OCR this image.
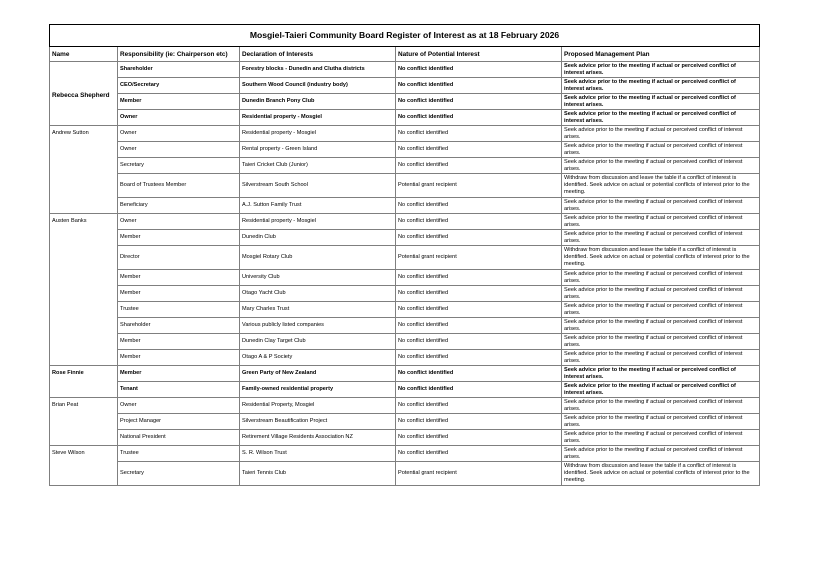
Mosgiel-Taieri Community Board Register of Interest as at 18 February 2026				
Name	Responsibility (ie: Chairperson etc)	Declaration of Interests	Nature of Potential Interest	Proposed Management Plan
Rebecca Shepherd	Shareholder	Forestry blocks - Dunedin and Clutha districts	No conflict identified	Seek advice prior to the meeting if actual or perceived conflict of interest arises.
	CEO/Secretary	Southern Wood Council (industry body)	No conflict identified	Seek advice prior to the meeting if actual or perceived conflict of interest arises.
	Member	Dunedin Branch Pony Club	No conflict identified	Seek advice prior to the meeting if actual or perceived conflict of interest arises.
	Owner	Residential property - Mosgiel	No conflict identified	Seek advice prior to the meeting if actual or perceived conflict of interest arises.
Andrew Sutton	Owner	Residential property - Mosgiel	No conflict identified	Seek advice prior to the meeting if actual or perceived conflict of interest arises.
	Owner	Rental property - Green Island	No conflict identified	Seek advice prior to the meeting if actual or perceived conflict of interest arises.
	Secretary	Taieri Cricket Club (Junior)	No conflict identified	Seek advice prior to the meeting if actual or perceived conflict of interest arises.
	Board of Trustees Member	Silverstream South School	Potential grant recipient	Withdraw from discussion and leave the table if a conflict of interest is identified. Seek advice on actual or potential conflicts of interest prior to the meeting.
	Beneficiary	A.J. Sutton Family Trust	No conflict identified	Seek advice prior to the meeting if actual or perceived conflict of interest arises.
Austen Banks	Owner	Residential property - Mosgiel	No conflict identified	Seek advice prior to the meeting if actual or perceived conflict of interest arises.
	Member	Dunedin Club	No conflict identified	Seek advice prior to the meeting if actual or perceived conflict of interest arises.
	Director	Mosgiel Rotary Club	Potential grant recipient	Withdraw from discussion and leave the table if a conflict of interest is identified. Seek advice on actual or potential conflicts of interest prior to the meeting.
	Member	University Club	No conflict identified	Seek advice prior to the meeting if actual or perceived conflict of interest arises.
	Member	Otago Yacht Club	No conflict identified	Seek advice prior to the meeting if actual or perceived conflict of interest arises.
	Trustee	Mary Charles Trust	No conflict identified	Seek advice prior to the meeting if actual or perceived conflict of interest arises.
	Shareholder	Various publicly listed companies	No conflict identified	Seek advice prior to the meeting if actual or perceived conflict of interest arises.
	Member	Dunedin Clay Target Club	No conflict identified	Seek advice prior to the meeting if actual or perceived conflict of interest arises.
	Member	Otago A & P Society	No conflict identified	Seek advice prior to the meeting if actual or perceived conflict of interest arises.
Rose Finnie	Member	Green Party of New Zealand	No conflict identified	Seek advice prior to the meeting if actual or perceived conflict of interest arises.
	Tenant	Family-owned residential property	No conflict identified	Seek advice prior to the meeting if actual or perceived conflict of interest arises.
Brian Peat	Owner	Residential Property, Mosgiel	No conflict identified	Seek advice prior to the meeting if actual or perceived conflict of interest arises.
	Project Manager	Silverstream Beautification Project	No conflict identified	Seek advice prior to the meeting if actual or perceived conflict of interest arises.
	National President	Retirement Village Residents Association NZ	No conflict identified	Seek advice prior to the meeting if actual or perceived conflict of interest arises.
Steve Wilson	Trustee	S. R. Wilson Trust	No conflict identified	Seek advice prior to the meeting if actual or perceived conflict of interest arises.
	Secretary	Taieri Tennis Club	Potential grant recipient	Withdraw from discussion and leave the table if a conflict of interest is identified. Seek advice on actual or potential conflicts of interest prior to the meeting.
